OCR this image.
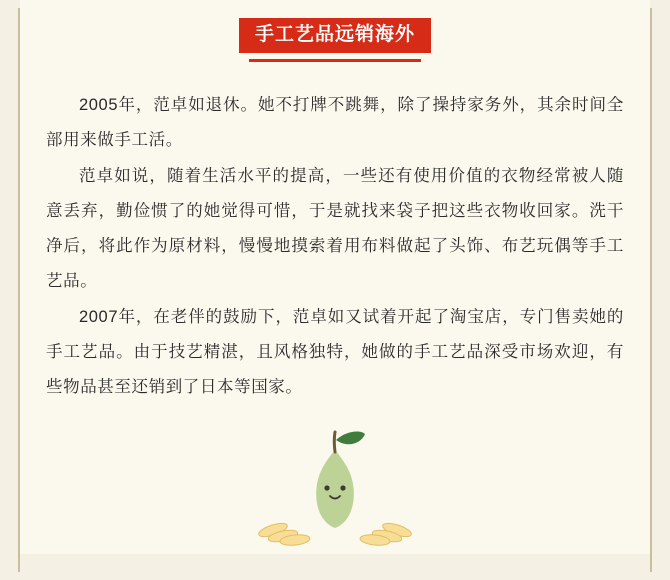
手工艺品远销海外

2005年，范卓如退休。她不打牌不跳舞，除了操持家务外，其余时间全部用来做手工活。

范卓如说，随着生活水平的提高，一些还有使用价值的衣物经常被人随意丢弃，勤俭惯了的她觉得可惜，于是就找来袋子把这些衣物收回家。洗干净后，将此作为原材料，慢慢地摸索着用布料做起了头饰、布艺玩偶等手工艺品。

2007年，在老伴的鼓励下，范卓如又试着开起了淘宝店，专门售卖她的手工艺品。由于技艺精湛，且风格独特，她做的手工艺品深受市场欢迎，有些物品甚至还销到了日本等国家。
